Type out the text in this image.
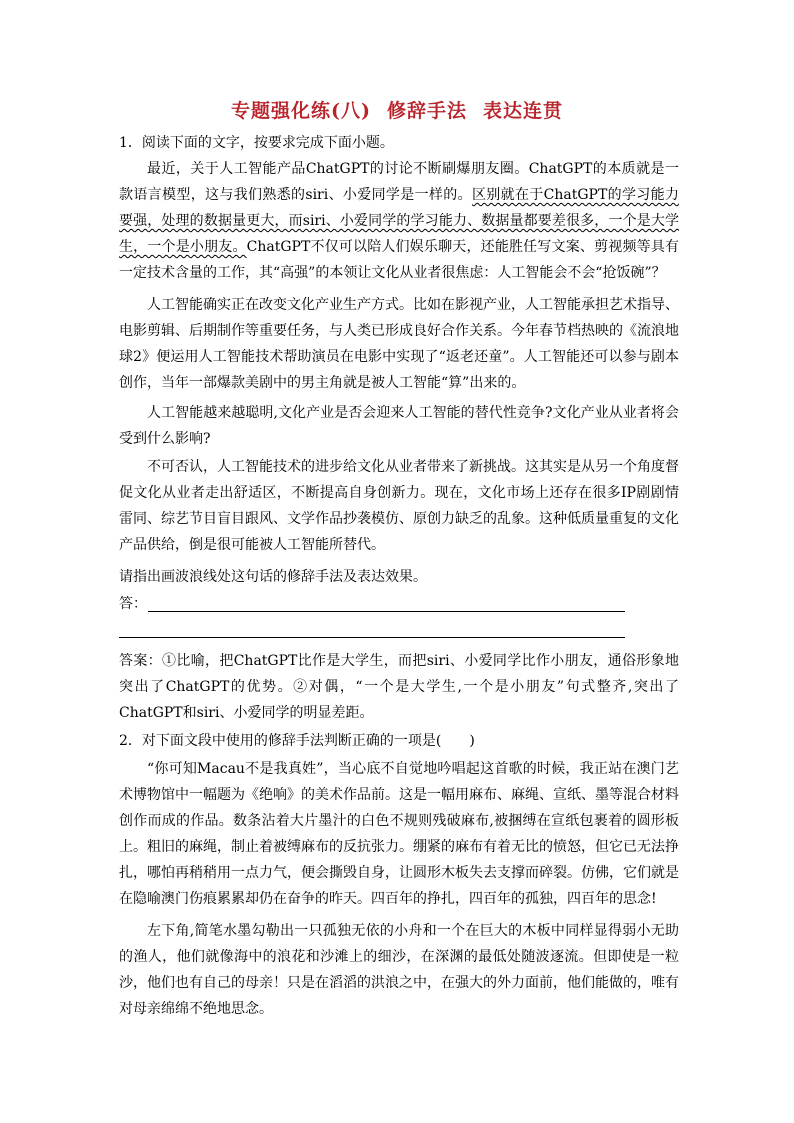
专题强化练(八) 修辞手法 表达连贯

1．阅读下面的文字，按要求完成下面小题。

最近，关于人工智能产品ChatGPT的讨论不断刷爆朋友圈。ChatGPT的本质就是一款语言模型，这与我们熟悉的siri、小爱同学是一样的。区别就在于ChatGPT的学习能力要强，处理的数据量更大，而siri、小爱同学的学习能力、数据量都要差很多，一个是大学生，一个是小朋友。ChatGPT不仅可以陪人们娱乐聊天，还能胜任写文案、剪视频等具有一定技术含量的工作，其“高强”的本领让文化从业者很焦虑：人工智能会不会“抢饭碗”？

人工智能确实正在改变文化产业生产方式。比如在影视产业，人工智能承担艺术指导、电影剪辑、后期制作等重要任务，与人类已形成良好合作关系。今年春节档热映的《流浪地球2》便运用人工智能技术帮助演员在电影中实现了“返老还童”。人工智能还可以参与剧本创作，当年一部爆款美剧中的男主角就是被人工智能“算”出来的。

人工智能越来越聪明,文化产业是否会迎来人工智能的替代性竞争?文化产业从业者将会受到什么影响?

不可否认，人工智能技术的进步给文化从业者带来了新挑战。这其实是从另一个角度督促文化从业者走出舒适区，不断提高自身创新力。现在，文化市场上还存在很多IP剧剧情雷同、综艺节目盲目跟风、文学作品抄袭模仿、原创力缺乏的乱象。这种低质量重复的文化产品供给，倒是很可能被人工智能所替代。

请指出画波浪线处这句话的修辞手法及表达效果。

答：

答案：①比喻，把ChatGPT比作是大学生，而把siri、小爱同学比作小朋友，通俗形象地突出了ChatGPT的优势。②对偶，“一个是大学生,一个是小朋友”句式整齐,突出了ChatGPT和siri、小爱同学的明显差距。

2．对下面文段中使用的修辞手法判断正确的一项是(　　)

“你可知Macau不是我真姓”，当心底不自觉地吟唱起这首歌的时候，我正站在澳门艺术博物馆中一幅题为《绝响》的美术作品前。这是一幅用麻布、麻绳、宣纸、墨等混合材料创作而成的作品。数条沾着大片墨汁的白色不规则残破麻布,被捆缚在宣纸包裹着的圆形板上。粗旧的麻绳，制止着被缚麻布的反抗张力。绷紧的麻布有着无比的愤怒，但它已无法挣扎，哪怕再稍稍用一点力气，便会撕毁自身，让圆形木板失去支撑而碎裂。仿佛，它们就是在隐喻澳门伤痕累累却仍在奋争的昨天。四百年的挣扎，四百年的孤独，四百年的思念!

左下角,简笔水墨勾勒出一只孤独无依的小舟和一个在巨大的木板中同样显得弱小无助的渔人，他们就像海中的浪花和沙滩上的细沙，在深渊的最低处随波逐流。但即使是一粒沙，他们也有自己的母亲！只是在滔滔的洪浪之中，在强大的外力面前，他们能做的，唯有对母亲绵绵不绝地思念。
